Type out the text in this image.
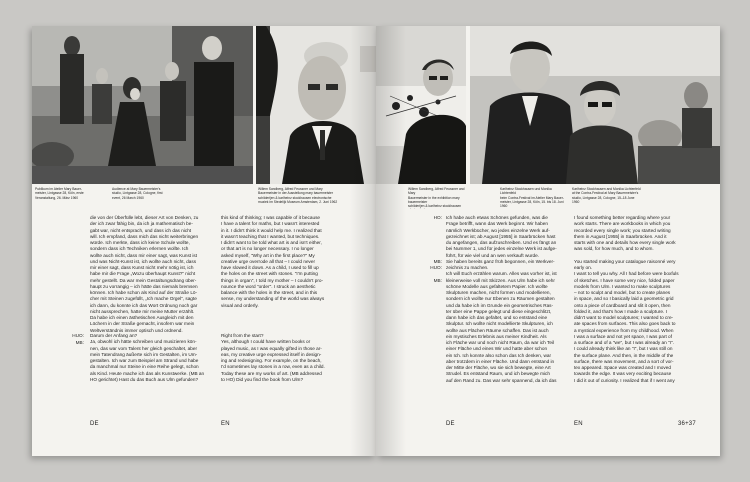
Publikum im Atelier Mary Bauer-
meister, Lintgasse 28, Köln, erste
Veranstaltung, 26. März 1960
Audience at Mary Bauermeister's
studio, Lintgasse 28, Cologne, first
event, 26 March 1960
Willem Sandberg, Alfred Feussner und Mary
Bauermeister in der Ausstellung mary bauermeister
schilderijen & karlheinz stockhausen electronische
muziek im Stedelijk Museum Amsterdam, 2. Juni 1962
die von der Überfülle lebt, dieser Art von Denken, zu
der ich zwar fähig bin, da ich ja mathematisch be-
gabt war, nicht entsprach, und dass ich das nicht
will. Ich empfand, dass mich das nicht weiterbringen
würde. Ich merkte, dass ich keine Schule wollte,
sondern dass ich Techniken erlernen wollte. Ich
wollte auch nicht, dass mir einer sagt, was Kunst ist
und was Nicht-Kunst ist, ich wollte auch nicht, dass
mir einer sagt, dass Kunst nicht mehr nötig ist, ich
habe mir die Frage „Wozu überhaupt Kunst?“ nicht
mehr gestellt. Da war mein Gestaltungsdrang über-
haupt zu vorrangig – ich hätte das niemals bremsen
können. Ich habe schon als Kind auf der Straße Lö-
cher mit Steinen zugefüllt, „Ich mache Orgel“, sagte
ich dann, du konnte ich das Wort Ordnung noch gar
nicht aussprechen, hatte mir meine Mutter erzählt.
Da habe ich einen ästhetischen Ausgleich mit den
Löchern in der Straße gemacht, insofern war mein
Weltverständnis immer optisch und ordnend.
HUO:
MB:
Darum der Anfang an?
Ja, obwohl ich hätte schreiben und musizieren kön-
nen, das war vom Talent her gleich geschaltet, aber
mein Tatendrang äußerte sich im Gestalten, im Um-
gestalten. Ich war zum Beispiel am Strand und habe
da manchmal nur Steine in eine Reihe gelegt, schon
als Kind. Heute mache ich das als Kunstwerke. (MB an
HO gerichtet) Hast du das Buch aus Ulm gefunden?
this kind of thinking; I was capable of it because
I have a talent for maths, but I wasn't interested
in it. I didn't think it would help me. I realized that
it wasn't teaching that I wanted, but techniques.
I didn't want to be told what art is and isn't either,
or that art is no longer necessary. I no longer
asked myself, "Why art in the first place?" My
creative urge overrode all that – I could never
have slowed it down. As a child, I used to fill up
the holes on the street with stones. "I'm putting
things in organ", I told my mother – I couldn't pro-
nounce the word "order". I struck an aesthetic
balance with the holes in the street, and in this
sense, my understanding of the world was always
visual and orderly.
Right from the start?
Yes, although I could have written books or
played music, as I was equally gifted in those ar-
eas, my creative urge expressed itself in design-
ing and redesigning. For example, on the beach,
I'd sometimes lay stones in a row, even as a child.
Today these are my works of art. (MB addressed
to HO) Did you find the book from Ulm?
DE	EN
Willem Sandberg, Alfred Feussner and Mary
Bauermeister in the exhibition mary bauermeister
schilderijen & karlheinz stockhausen

Karlheinz Stockhausen und Monika Lichtenfeld
beim Contra-Festival im Atelier Mary Bauer-
meister, Lintgasse 28, Köln, 15. bis 18. Juni 1960
Karlheinz Stockhausen and Monika Lichtenfeld
at the Contra-Festival at Mary Bauermeister's
studio, Lintgasse 28, Cologne, 15–18 June 1960
HO:
MB:
HUO:
MB:
Ich habe auch etwas Schönes gefunden, was die
Frage betrifft, wann das Werk beginnt. Wir haben
nämlich Werkbücher, wo jedes einzelne Werk auf-
gezeichnet ist; ab August [1955] in Saarbrücken hast
du angefangen, das aufzuschreiben. Und es fängt an
bei Nummer 1, und für jedes einzelne Werk ist aufge-
führt, für wie viel und an wen verkauft wurde.
Sie haben bereits ganz früh begonnen, ein Werkver-
zeichnis zu machen.
Ich will Euch erzählen warum. Alles was vorher ist, ist
kleinerweise voll mit Skizzen. Aus Ulm habe ich sehr
schöne Modelle aus gefaltetem Papier. Ich wollte
Skulpturen machen, nicht formen und modellieren,
sondern ich wollte nur Ebenen zu Räumen gestalten
und da habe ich im Grunde ein geometrisches Ras-
ter über eine Pappe gelegt und diese eingeschlitzt,
dann habe ich das gefaltet, und so entstand eine
Skulptur. Ich wollte nicht modellierte Skulpturen, ich
wollte aus Flächen Räume schaffen. Das ist auch
ein mystisches Erlebnis aus meiner Kindheit. Als
ich Fläche war und noch nicht Raum, da war ich Teil
einer Fläche und eines Wir und hatte aber schon
ein Ich. Ich konnte also schon das Ich denken, war
aber trotzdem in einer Fläche. Und dann entstand in
der Mitte der Fläche, wo sie sich bewegte, eine Art
Strudel. Es entstand Raum, und ich bewegte mich
auf den Rand zu. Das war sehr spannend, da ich das
I found something better regarding where your
work starts. There are workbooks in which you
recorded every single work; you started writing
them in August [1955] in Saarbrücken. And it
starts with one and details how every single work
was sold, for how much, and to whom.

You started making your catalogue raisonné very
early on.
I want to tell you why. All I had before were boxfuls
of sketches. I have some very nice, folded paper
models from Ulm. I wanted to make sculptures
– not to sculpt and model, but to create planes
in space, and so I basically laid a geometric grid
onto a piece of cardboard and slit it open, then
folded it, and that's how I made a sculpture. I
didn't want to model sculptures; I wanted to cre-
ate spaces from surfaces. This also goes back to
a mystical experience from my childhood. When
I was a surface and not yet space, I was part of
a surface and of a "we", but I was already an "I".
I could already think like an "I", but I was still on
the surface plane. And then, in the middle of the
surface, there was movement, and a sort of vor-
tex appeared. Space was created and I moved
towards the edge. It was very exciting because
I did it out of curiosity. I realized that if I went any
DE	EN	36+37
